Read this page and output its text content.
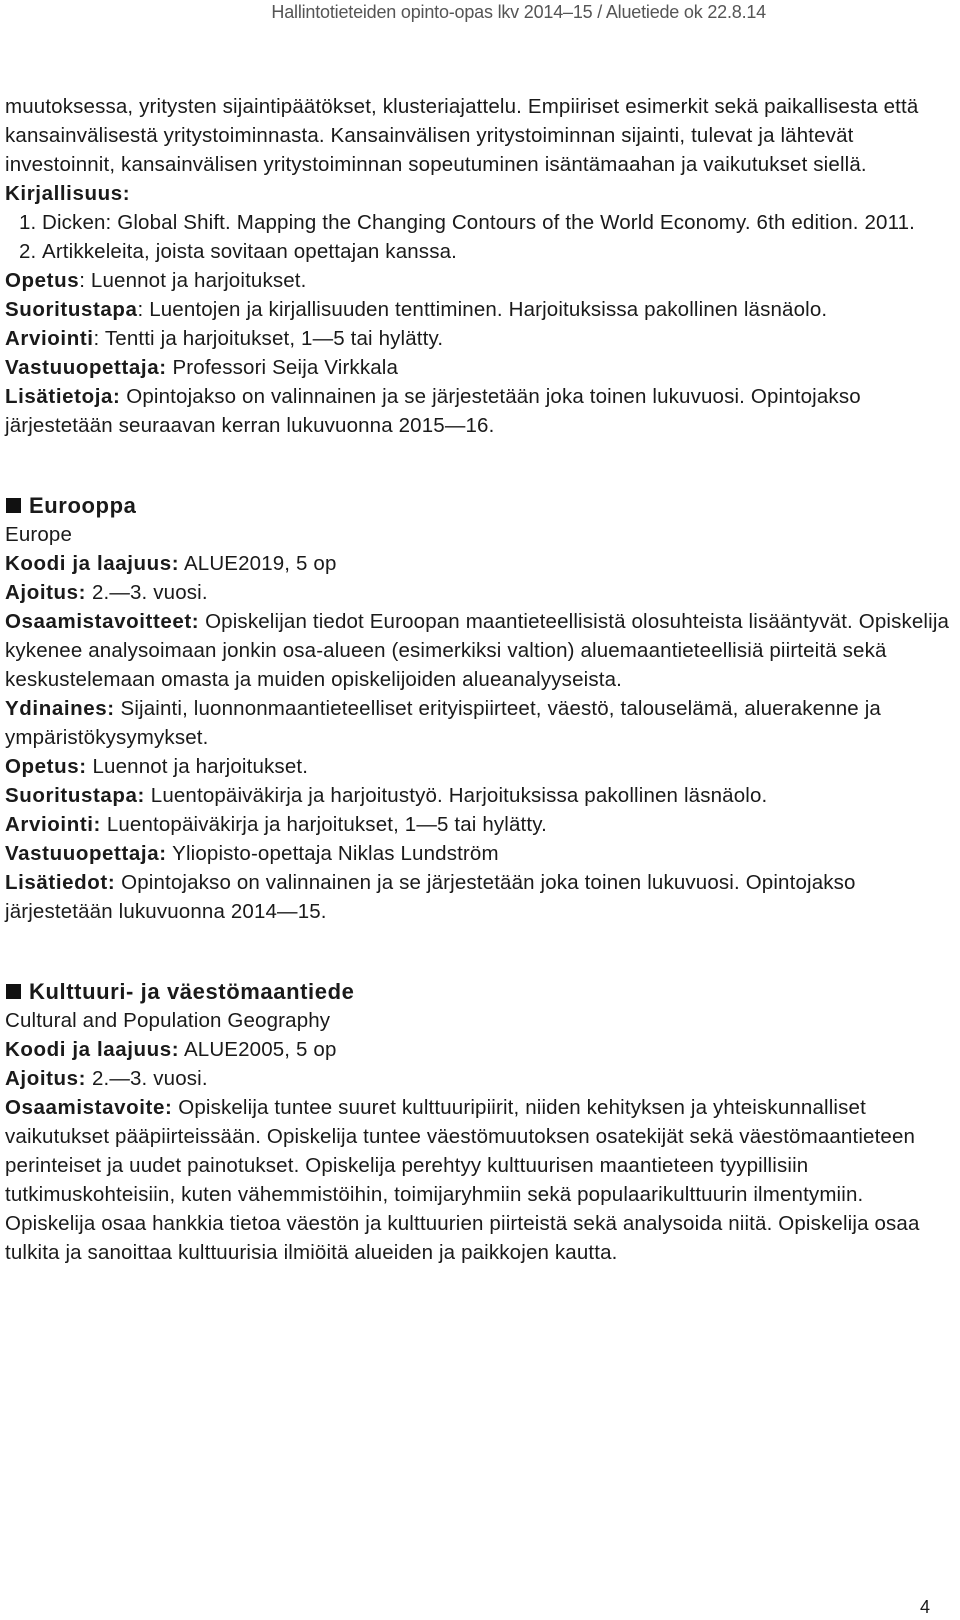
Hallintotieteiden opinto-opas lkv 2014–15 / Aluetiede ok 22.8.14

muutoksessa, yritysten sijaintipäätökset, klusteriajattelu. Empiiriset esimerkit sekä paikallisesta että kansainvälisestä yritystoiminnasta. Kansainvälisen yritystoiminnan sijainti, tulevat ja lähtevät investoinnit, kansainvälisen yritystoiminnan sopeutuminen isäntämaahan ja vaikutukset siellä.

Kirjallisuus:

1. Dicken: Global Shift. Mapping the Changing Contours of the World Economy. 6th edition. 2011.
2. Artikkeleita, joista sovitaan opettajan kanssa.

Opetus: Luennot ja harjoitukset.

Suoritustapa: Luentojen ja kirjallisuuden tenttiminen. Harjoituksissa pakollinen läsnäolo.

Arviointi: Tentti ja harjoitukset, 1—5 tai hylätty.

Vastuuopettaja: Professori Seija Virkkala

Lisätietoja: Opintojakso on valinnainen ja se järjestetään joka toinen lukuvuosi. Opintojakso järjestetään seuraavan kerran lukuvuonna 2015—16.

Eurooppa

Europe

Koodi ja laajuus: ALUE2019, 5 op

Ajoitus: 2.—3. vuosi.

Osaamistavoitteet: Opiskelijan tiedot Euroopan maantieteellisistä olosuhteista lisääntyvät. Opiskelija kykenee analysoimaan jonkin osa-alueen (esimerkiksi valtion) aluemaantieteellisiä piirteitä sekä keskustelemaan omasta ja muiden opiskelijoiden alueanalyyseista.

Ydinaines: Sijainti, luonnonmaantieteelliset erityispiirteet, väestö, talouselämä, aluerakenne ja ympäristökysymykset.

Opetus: Luennot ja harjoitukset.

Suoritustapa: Luentopäiväkirja ja harjoitustyö. Harjoituksissa pakollinen läsnäolo.

Arviointi: Luentopäiväkirja ja harjoitukset, 1—5 tai hylätty.

Vastuuopettaja: Yliopisto-opettaja Niklas Lundström

Lisätiedot: Opintojakso on valinnainen ja se järjestetään joka toinen lukuvuosi. Opintojakso järjestetään lukuvuonna 2014—15.

Kulttuuri- ja väestömaantiede

Cultural and Population Geography

Koodi ja laajuus: ALUE2005, 5 op

Ajoitus: 2.—3. vuosi.

Osaamistavoite: Opiskelija tuntee suuret kulttuuripiirit, niiden kehityksen ja yhteiskunnalliset vaikutukset pääpiirteissään. Opiskelija tuntee väestömuutoksen osatekijät sekä väestömaantieteen perinteiset ja uudet painotukset. Opiskelija perehtyy kulttuurisen maantieteen tyypillisiin tutkimuskohteisiin, kuten vähemmistöihin, toimijaryhmiin sekä populaarikulttuurin ilmentymiin. Opiskelija osaa hankkia tietoa väestön ja kulttuurien piirteistä sekä analysoida niitä. Opiskelija osaa tulkita ja sanoittaa kulttuurisia ilmiöitä alueiden ja paikkojen kautta.

4
